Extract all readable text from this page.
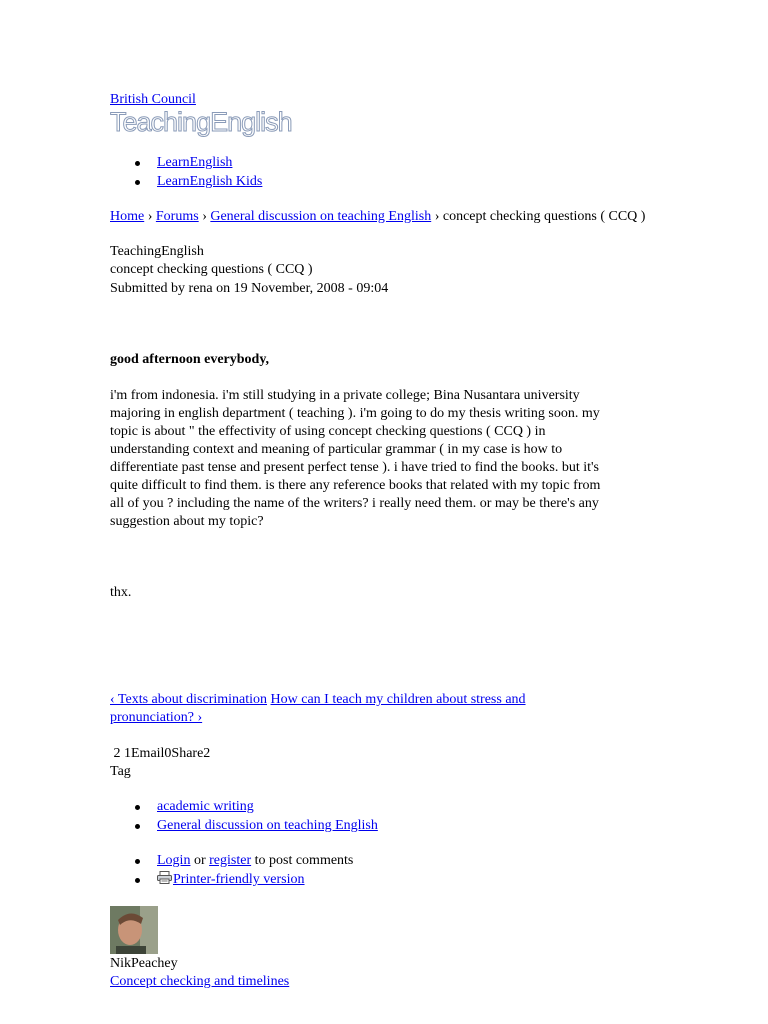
British Council
TeachingEnglish
LearnEnglish
LearnEnglish Kids
Home › Forums › General discussion on teaching English › concept checking questions ( CCQ )
TeachingEnglish
concept checking questions ( CCQ )
Submitted by rena on 19 November, 2008 - 09:04
good afternoon everybody,
i'm from indonesia. i'm still studying in a private college; Bina Nusantara university
majoring in english department ( teaching ). i'm going to do my thesis writing soon. my
topic is about " the effectivity of using concept checking questions ( CCQ ) in
understanding context and meaning of particular grammar ( in my case is how to
differentiate past tense and present perfect tense ). i have tried to find the books. but it's
quite difficult to find them. is there any reference books that related with my topic from
all of you ? including the name of the writers? i really need them. or may be there's any
suggestion about my topic?
thx.
‹ Texts about discrimination How can I teach my children about stress and
pronunciation? ›
2 1Email0Share2
Tag
academic writing
General discussion on teaching English
Login or register to post comments
Printer-friendly version
NikPeachey
Concept checking and timelines
